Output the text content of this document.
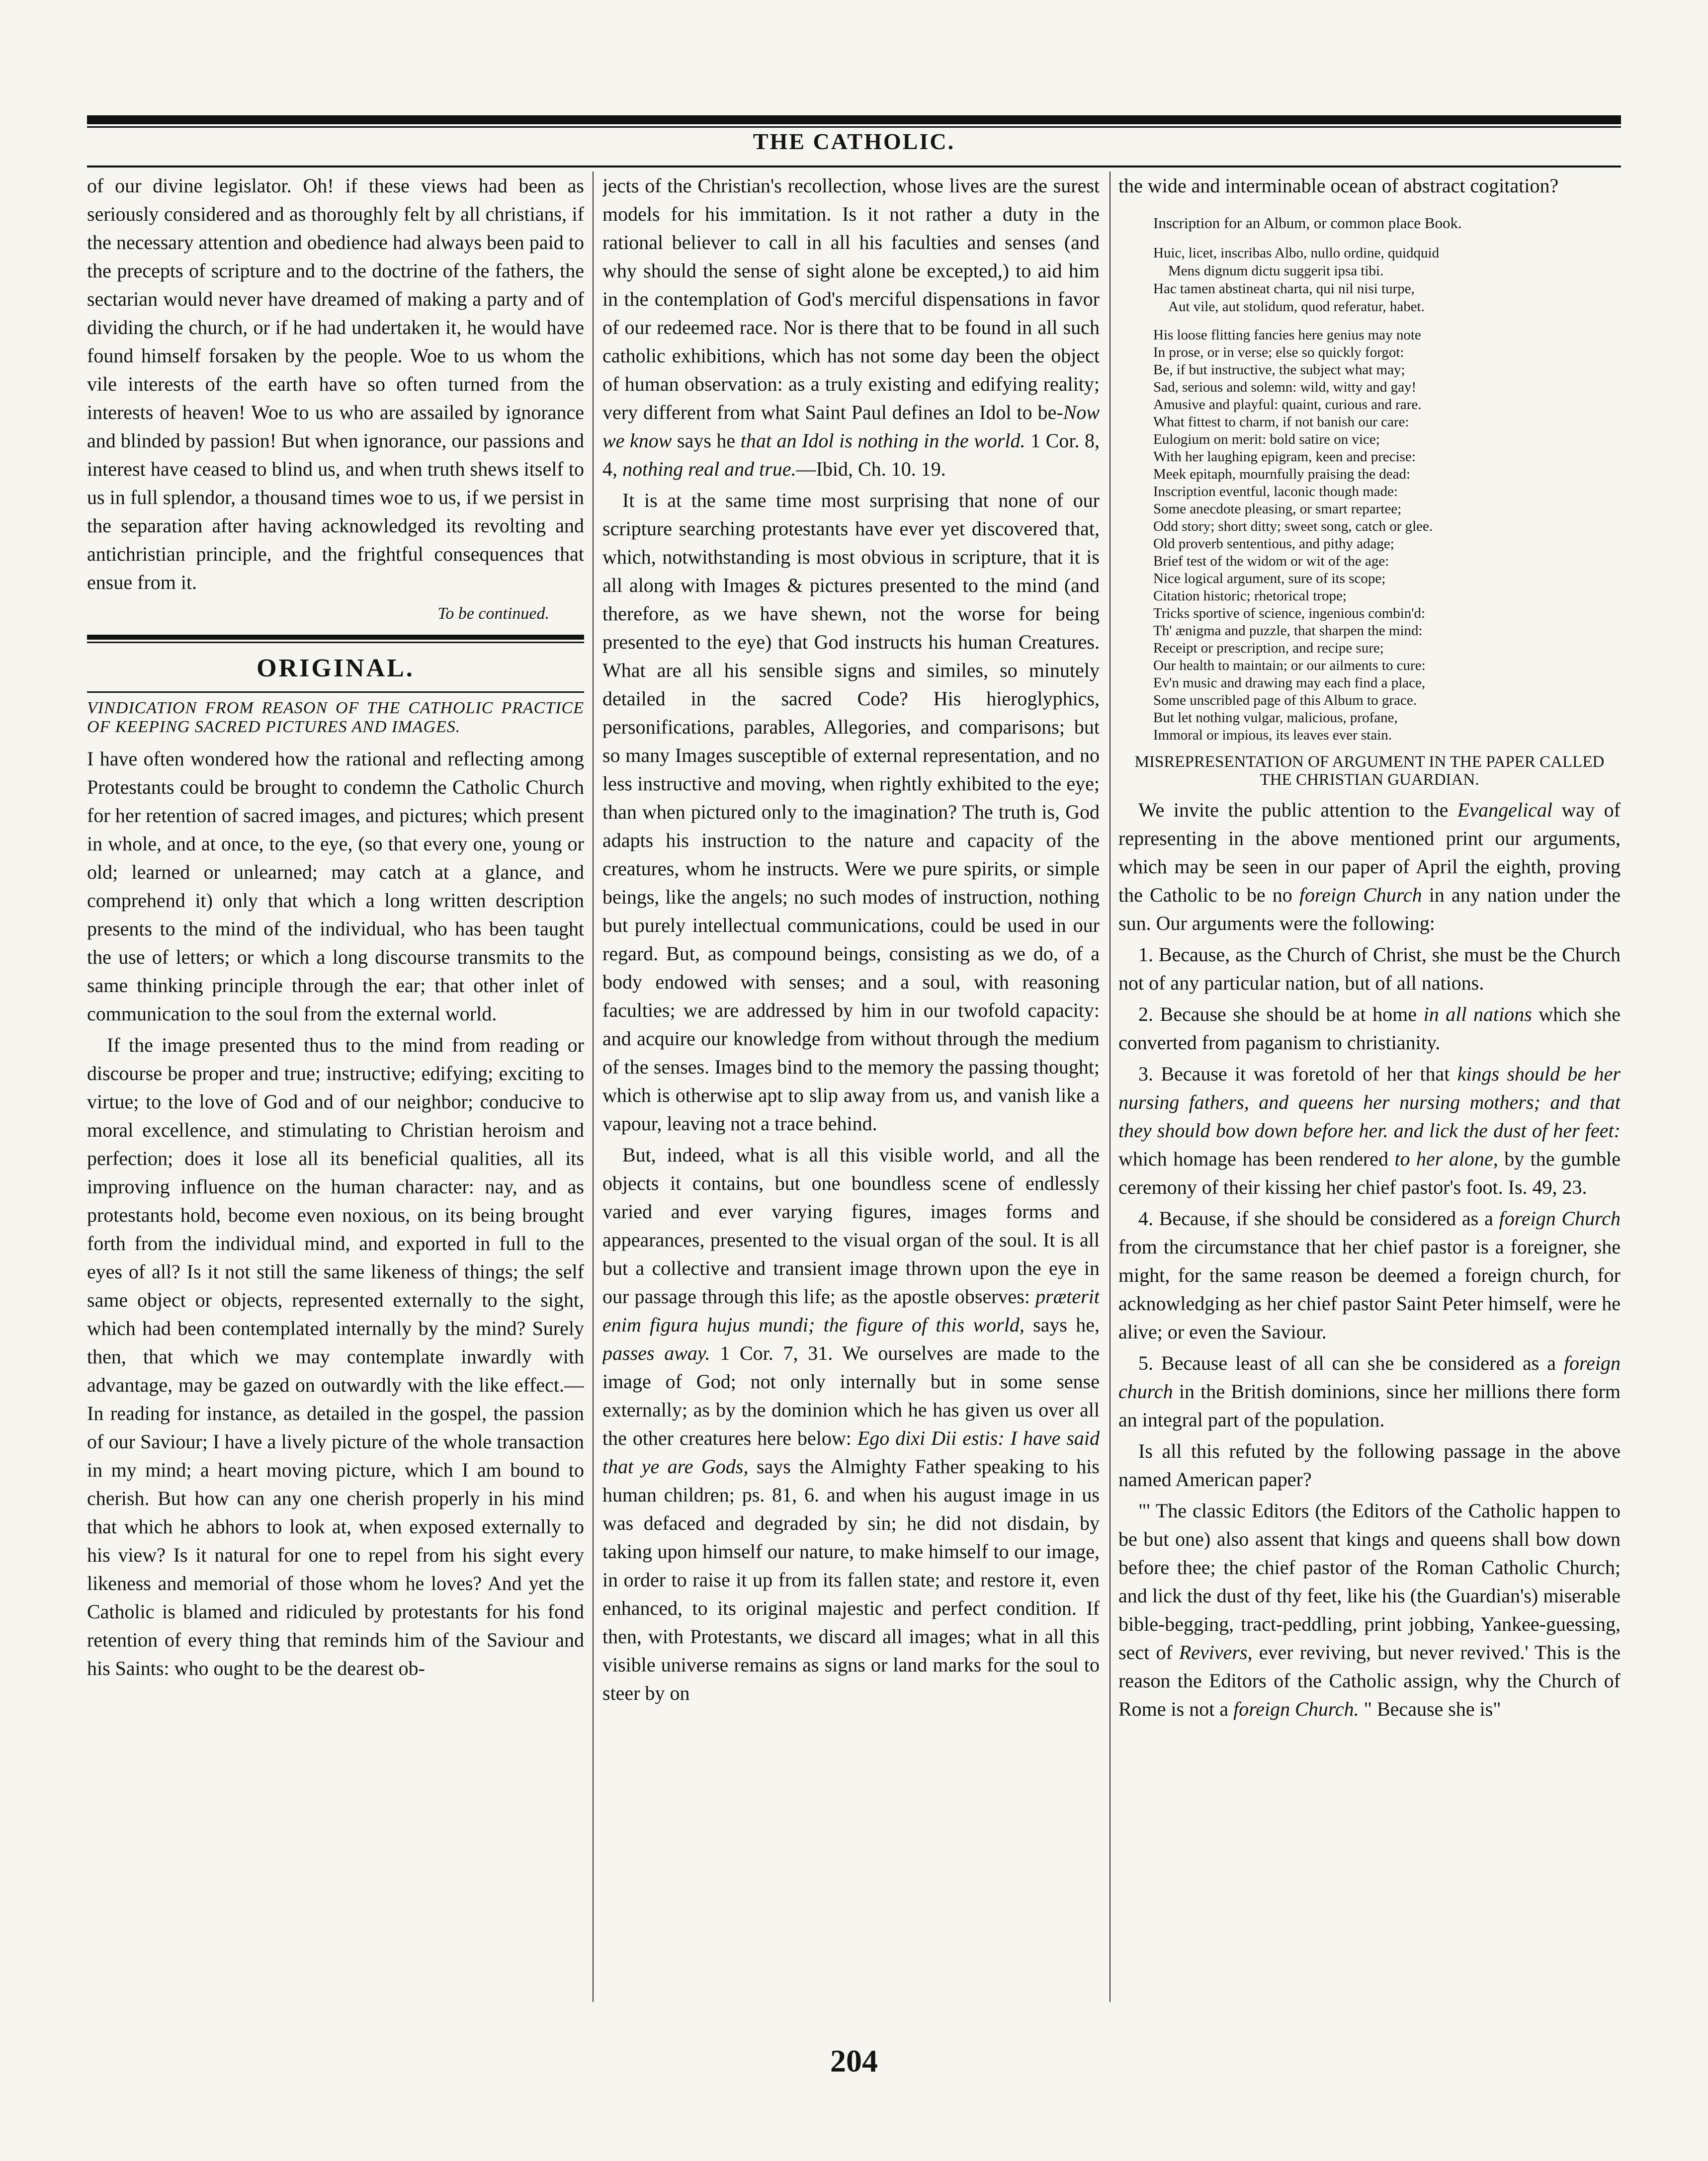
THE CATHOLIC.

of our divine legislator. Oh! if these views had been as seriously considered and as thoroughly felt by all christians, if the necessary attention and obedience had always been paid to the precepts of scripture and to the doctrine of the fathers, the sectarian would never have dreamed of making a party and of dividing the church, or if he had undertaken it, he would have found himself forsaken by the people. Woe to us whom the vile interests of the earth have so often turned from the interests of heaven! Woe to us who are assailed by ignorance and blinded by passion! But when ignorance, our passions and interest have ceased to blind us, and when truth shews itself to us in full splendor, a thousand times woe to us, if we persist in the separation after having acknowledged its revolting and antichristian principle, and the frightful consequences that ensue from it.

To be continued.

ORIGINAL.
VINDICATION FROM REASON OF THE CATHOLIC PRACTICE OF KEEPING SACRED PICTURES AND IMAGES.

I have often wondered how the rational and reflecting among Protestants could be brought to condemn the Catholic Church for her retention of sacred images, and pictures; which present in whole, and at once, to the eye, (so that every one, young or old; learned or unlearned; may catch at a glance, and comprehend it) only that which a long written description presents to the mind of the individual, who has been taught the use of letters; or which a long discourse transmits to the same thinking principle through the ear; that other inlet of communication to the soul from the external world.

If the image presented thus to the mind from reading or discourse be proper and true; instructive; edifying; exciting to virtue; to the love of God and of our neighbor; conducive to moral excellence, and stimulating to Christian heroism and perfection; does it lose all its beneficial qualities, all its improving influence on the human character: nay, and as protestants hold, become even noxious, on its being brought forth from the individual mind, and exported in full to the eyes of all? Is it not still the same likeness of things; the self same object or objects, represented externally to the sight, which had been contemplated internally by the mind? Surely then, that which we may contemplate inwardly with advantage, may be gazed on outwardly with the like effect.—In reading for instance, as detailed in the gospel, the passion of our Saviour; I have a lively picture of the whole transaction in my mind; a heart moving picture, which I am bound to cherish. But how can any one cherish properly in his mind that which he abhors to look at, when exposed externally to his view? Is it natural for one to repel from his sight every likeness and memorial of those whom he loves? And yet the Catholic is blamed and ridiculed by protestants for his fond retention of every thing that reminds him of the Saviour and his Saints: who ought to be the dearest ob-

jects of the Christian's recollection, whose lives are the surest models for his immitation. Is it not rather a duty in the rational believer to call in all his faculties and senses (and why should the sense of sight alone be excepted,) to aid him in the contemplation of God's merciful dispensations in favor of our redeemed race. Nor is there that to be found in all such catholic exhibitions, which has not some day been the object of human observation: as a truly existing and edifying reality; very different from what Saint Paul defines an Idol to be-Now we know says he that an Idol is nothing in the world. 1 Cor. 8, 4, nothing real and true.—Ibid, Ch. 10. 19.

It is at the same time most surprising that none of our scripture searching protestants have ever yet discovered that, which, notwithstanding is most obvious in scripture, that it is all along with Images & pictures presented to the mind (and therefore, as we have shewn, not the worse for being presented to the eye) that God instructs his human Creatures. What are all his sensible signs and similes, so minutely detailed in the sacred Code? His hieroglyphics, personifications, parables, Allegories, and comparisons; but so many Images susceptible of external representation, and no less instructive and moving, when rightly exhibited to the eye; than when pictured only to the imagination? The truth is, God adapts his instruction to the nature and capacity of the creatures, whom he instructs. Were we pure spirits, or simple beings, like the angels; no such modes of instruction, nothing but purely intellectual communications, could be used in our regard. But, as compound beings, consisting as we do, of a body endowed with senses; and a soul, with reasoning faculties; we are addressed by him in our twofold capacity: and acquire our knowledge from without through the medium of the senses. Images bind to the memory the passing thought; which is otherwise apt to slip away from us, and vanish like a vapour, leaving not a trace behind.

But, indeed, what is all this visible world, and all the objects it contains, but one boundless scene of endlessly varied and ever varying figures, images forms and appearances, presented to the visual organ of the soul. It is all but a collective and transient image thrown upon the eye in our passage through this life; as the apostle observes: præterit enim figura hujus mundi; the figure of this world, says he, passes away. 1 Cor. 7, 31. We ourselves are made to the image of God; not only internally but in some sense externally; as by the dominion which he has given us over all the other creatures here below: Ego dixi Dii estis: I have said that ye are Gods, says the Almighty Father speaking to his human children; ps. 81, 6. and when his august image in us was defaced and degraded by sin; he did not disdain, by taking upon himself our nature, to make himself to our image, in order to raise it up from its fallen state; and restore it, even enhanced, to its original majestic and perfect condition. If then, with Protestants, we discard all images; what in all this visible universe remains as signs or land marks for the soul to steer by on

the wide and interminable ocean of abstract cogitation?

Inscription for an Album, or common place Book.
Huic, licet, inscribas Albo, nullo ordine, quidquid
Mens dignum dictu suggerit ipsa tibi.
Hac tamen abstineat charta, qui nil nisi turpe,
Aut vile, aut stolidum, quod referatur, habet.
His loose flitting fancies here genius may note
In prose, or in verse; else so quickly forgot:
Be, if but instructive, the subject what may;
Sad, serious and solemn: wild, witty and gay!
Amusive and playful: quaint, curious and rare.
What fittest to charm, if not banish our care:
Eulogium on merit: bold satire on vice;
With her laughing epigram, keen and precise:
Meek epitaph, mournfully praising the dead:
Inscription eventful, laconic though made:
Some anecdote pleasing, or smart repartee;
Odd story; short ditty; sweet song, catch or glee.
Old proverb sententious, and pithy adage;
Brief test of the widom or wit of the age:
Nice logical argument, sure of its scope;
Citation historic; rhetorical trope;
Tricks sportive of science, ingenious combin'd:
Th' ænigma and puzzle, that sharpen the mind:
Receipt or prescription, and recipe sure;
Our health to maintain; or our ailments to cure:
Ev'n music and drawing may each find a place,
Some unscribled page of this Album to grace.
But let nothing vulgar, malicious, profane,
Immoral or impious, its leaves ever stain.
MISREPRESENTATION OF ARGUMENT IN THE PAPER CALLED THE CHRISTIAN GUARDIAN.

We invite the public attention to the Evangelical way of representing in the above mentioned print our arguments, which may be seen in our paper of April the eighth, proving the Catholic to be no foreign Church in any nation under the sun. Our arguments were the following:

1. Because, as the Church of Christ, she must be the Church not of any particular nation, but of all nations.

2. Because she should be at home in all nations which she converted from paganism to christianity.

3. Because it was foretold of her that kings should be her nursing fathers, and queens her nursing mothers; and that they should bow down before her. and lick the dust of her feet: which homage has been rendered to her alone, by the gumble ceremony of their kissing her chief pastor's foot. Is. 49, 23.

4. Because, if she should be considered as a foreign Church from the circumstance that her chief pastor is a foreigner, she might, for the same reason be deemed a foreign church, for acknowledging as her chief pastor Saint Peter himself, were he alive; or even the Saviour.

5. Because least of all can she be considered as a foreign church in the British dominions, since her millions there form an integral part of the population.

Is all this refuted by the following passage in the above named American paper?

"' The classic Editors (the Editors of the Catholic happen to be but one) also assent that kings and queens shall bow down before thee; the chief pastor of the Roman Catholic Church; and lick the dust of thy feet, like his (the Guardian's) miserable bible-begging, tract-peddling, print jobbing, Yankee-guessing, sect of Revivers, ever reviving, but never revived.' This is the reason the Editors of the Catholic assign, why the Church of Rome is not a foreign Church. " Because she is"

204
